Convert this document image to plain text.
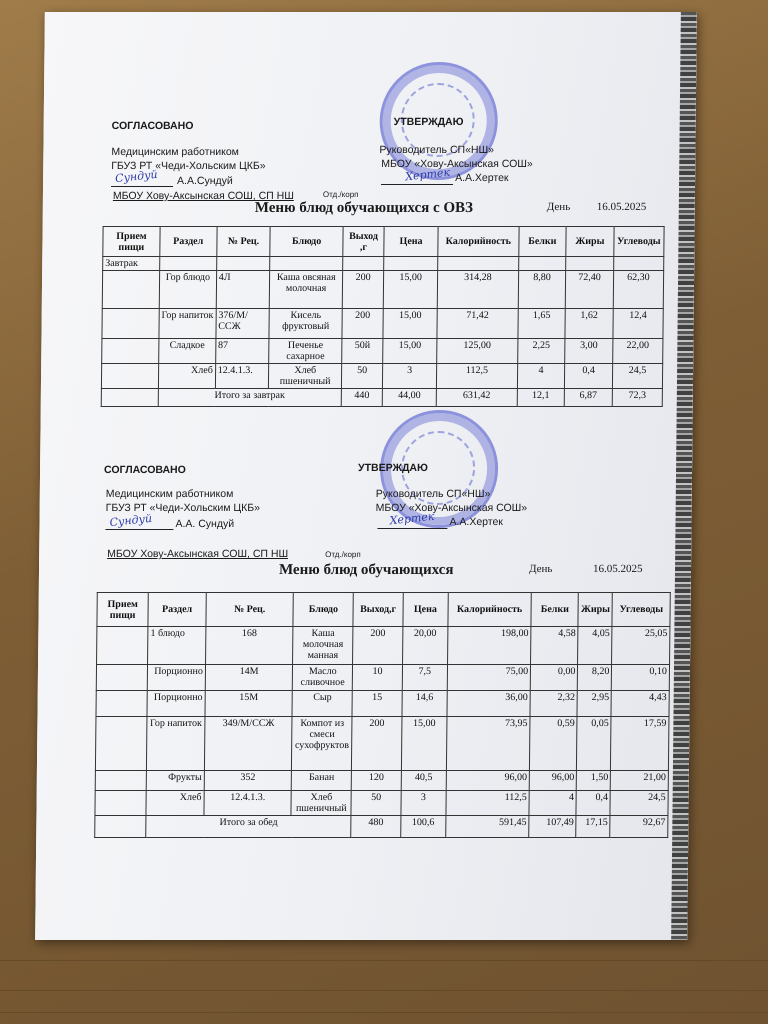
СОГЛАСОВАНО	УТВЕРЖДАЮ
Медицинским работником
ГБУЗ РТ «Чеди-Хольским ЦКБ»
Сундуй А.А.Сундуй
МБОУ Хову-Аксынская СОШ, СП НШ	Отд./корп
Руководитель СП«НШ»
МБОУ «Хову-Аксынская СОШ»
Хертек А.А.Хертек
Меню блюд обучающихся с ОВЗ	День 16.05.2025
Прием пищи	Раздел	№ Рец.	Блюдо	Выход ,г	Цена	Калорийность	Белки	Жиры	Углеводы
Завтрак									
	Гор блюдо	4Л	Каша овсяная молочная	200	15,00	314,28	8,80	72,40	62,30
	Гор напиток	376/М/ССЖ	Кисель фруктовый	200	15,00	71,42	1,65	1,62	12,4
	Сладкое	87	Печенье сахарное	50й	15,00	125,00	2,25	3,00	22,00
	Хлеб	12.4.1.3.	Хлеб пшеничный	50	3	112,5	4	0,4	24,5
	Итого за завтрак			440	44,00	631,42	12,1	6,87	72,3
СОГЛАСОВАНО	УТВЕРЖДАЮ
Медицинским работником
ГБУЗ РТ «Чеди-Хольским ЦКБ»
Сундуй А.А. Сундуй
Руководитель СП«НШ»
МБОУ «Хову-Аксынская СОШ»
Хертек А.А.Хертек
МБОУ Хову-Аксынская СОШ, СП НШ	Отд./корп
Меню блюд обучающихся	День	16.05.2025
Прием пищи	Раздел	№ Рец.	Блюдо	Выход,г	Цена	Калорийность	Белки	Жиры	Углеводы
	1 блюдо	168	Каша молочная манная	200	20,00	198,00	4,58	4,05	25,05
	Порционно	14М	Масло сливочное	10	7,5	75,00	0,00	8,20	0,10
	Порционно	15М	Сыр	15	14,6	36,00	2,32	2,95	4,43
	Гор напиток	349/М/ССЖ	Компот из смеси сухофруктов	200	15,00	73,95	0,59	0,05	17,59
	Фрукты	352	Банан	120	40,5	96,00	96,00	1,50	21,00
	Хлеб	12.4.1.3.	Хлеб пшеничный	50	3	112,5	4	0,4	24,5
	Итого за обед			480	100,6	591,45	107,49	17,15	92,67
